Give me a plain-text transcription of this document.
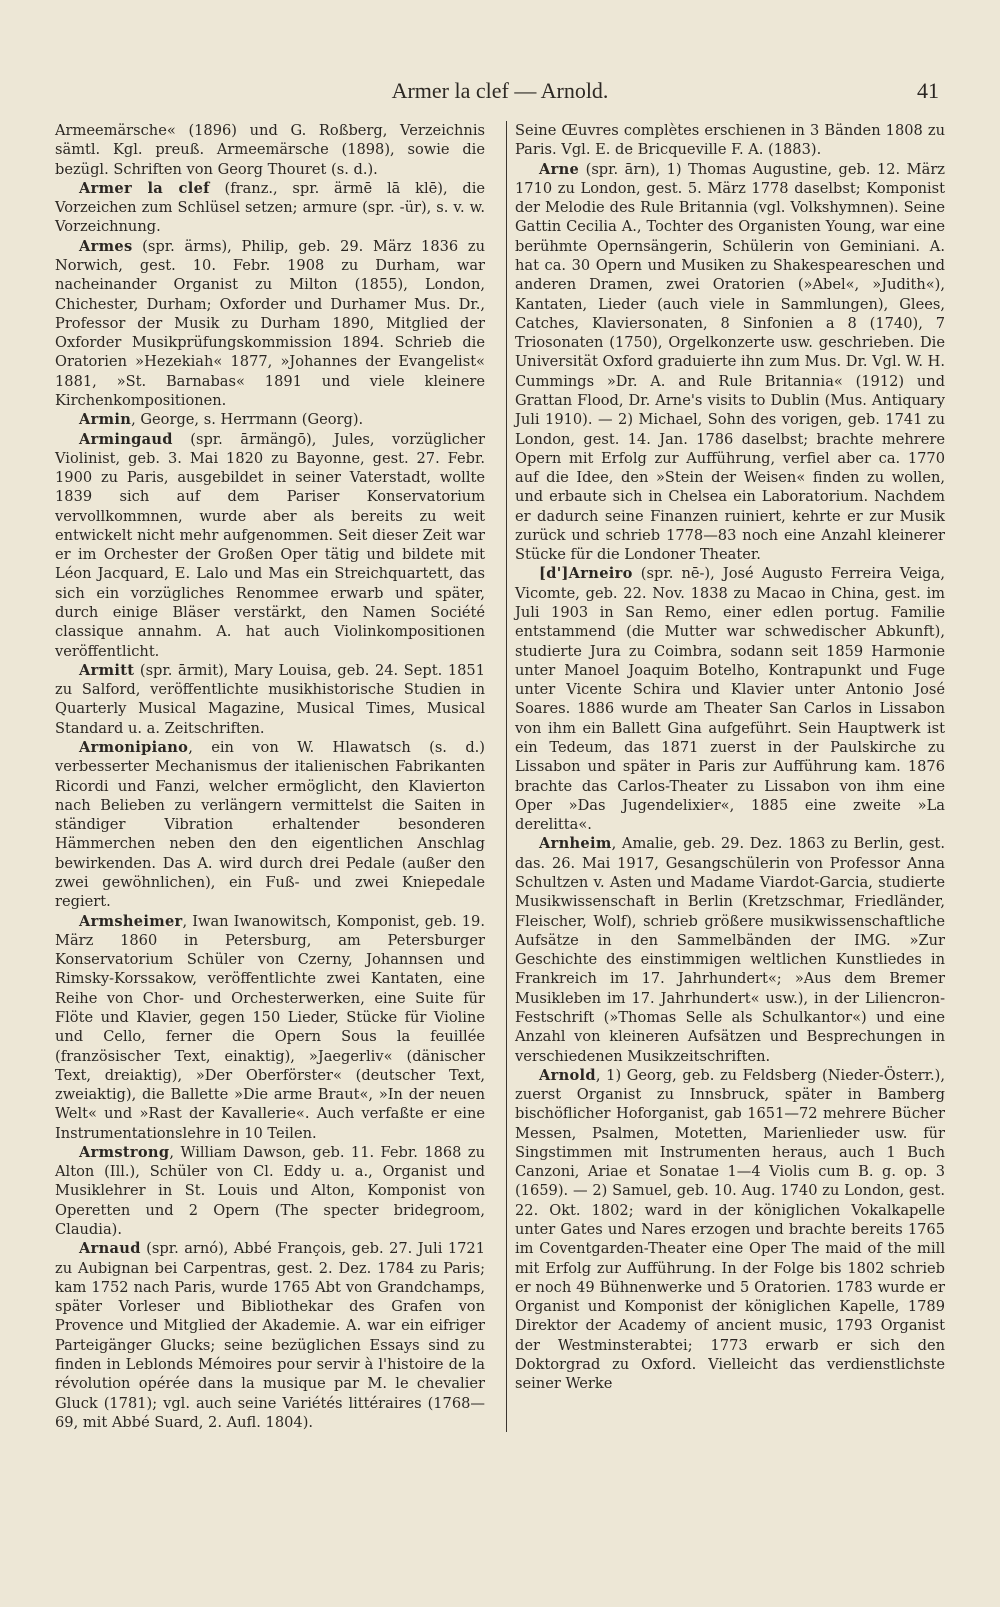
Armer la clef — Arnold.	41

Armeemärsche« (1896) und G. Roßberg, Verzeichnis sämtl. Kgl. preuß. Armeemärsche (1898), sowie die bezügl. Schriften von Georg Thouret (s. d.).

Armer la clef (franz., spr. ärmē lā klē), die Vorzeichen zum Schlüsel setzen; armure (spr. -ür), s. v. w. Vorzeichnung.

Armes (spr. ärms), Philip, geb. 29. März 1836 zu Norwich, gest. 10. Febr. 1908 zu Durham, war nacheinander Organist zu Milton (1855), London, Chichester, Durham; Oxforder und Durhamer Mus. Dr., Professor der Musik zu Durham 1890, Mitglied der Oxforder Musikprüfungskommission 1894. Schrieb die Oratorien »Hezekiah« 1877, »Johannes der Evangelist« 1881, »St. Barnabas« 1891 und viele kleinere Kirchenkompositionen.

Armin, George, s. Herrmann (Georg).

Armingaud (spr. ārmängō), Jules, vorzüglicher Violinist, geb. 3. Mai 1820 zu Bayonne, gest. 27. Febr. 1900 zu Paris, ausgebildet in seiner Vaterstadt, wollte 1839 sich auf dem Pariser Konservatorium vervollkommnen, wurde aber als bereits zu weit entwickelt nicht mehr aufgenommen. Seit dieser Zeit war er im Orchester der Großen Oper tätig und bildete mit Léon Jacquard, E. Lalo und Mas ein Streichquartett, das sich ein vorzügliches Renommee erwarb und später, durch einige Bläser verstärkt, den Namen Société classique annahm. A. hat auch Violinkompositionen veröffentlicht.

Armitt (spr. ārmit), Mary Louisa, geb. 24. Sept. 1851 zu Salford, veröffentlichte musikhistorische Studien in Quarterly Musical Magazine, Musical Times, Musical Standard u. a. Zeitschriften.

Armonipiano, ein von W. Hlawatsch (s. d.) verbesserter Mechanismus der italienischen Fabrikanten Ricordi und Fanzi, welcher ermöglicht, den Klavierton nach Belieben zu verlängern vermittelst die Saiten in ständiger Vibration erhaltender besonderen Hämmerchen neben den den eigentlichen Anschlag bewirkenden. Das A. wird durch drei Pedale (außer den zwei gewöhnlichen), ein Fuß- und zwei Kniepedale regiert.

Armsheimer, Iwan Iwanowitsch, Komponist, geb. 19. März 1860 in Petersburg, am Petersburger Konservatorium Schüler von Czerny, Johannsen und Rimsky-Korssakow, veröffentlichte zwei Kantaten, eine Reihe von Chor- und Orchesterwerken, eine Suite für Flöte und Klavier, gegen 150 Lieder, Stücke für Violine und Cello, ferner die Opern Sous la feuillée (französischer Text, einaktig), »Jaegerliv« (dänischer Text, dreiaktig), »Der Oberförster« (deutscher Text, zweiaktig), die Ballette »Die arme Braut«, »In der neuen Welt« und »Rast der Kavallerie«. Auch verfaßte er eine Instrumentationslehre in 10 Teilen.

Armstrong, William Dawson, geb. 11. Febr. 1868 zu Alton (Ill.), Schüler von Cl. Eddy u. a., Organist und Musiklehrer in St. Louis und Alton, Komponist von Operetten und 2 Opern (The specter bridegroom, Claudia).

Arnaud (spr. arnó), Abbé François, geb. 27. Juli 1721 zu Aubignan bei Carpentras, gest. 2. Dez. 1784 zu Paris; kam 1752 nach Paris, wurde 1765 Abt von Grandchamps, später Vorleser und Bibliothekar des Grafen von Provence und Mitglied der Akademie. A. war ein eifriger Parteigänger Glucks; seine bezüglichen Essays sind zu finden in Leblonds Mémoires pour servir à l'histoire de la révolution opérée dans la musique par M. le chevalier Gluck (1781); vgl. auch seine Variétés littéraires (1768—69, mit Abbé Suard, 2. Aufl. 1804).

Seine Œuvres complètes erschienen in 3 Bänden 1808 zu Paris. Vgl. E. de Bricqueville F. A. (1883).

Arne (spr. ārn), 1) Thomas Augustine, geb. 12. März 1710 zu London, gest. 5. März 1778 daselbst; Komponist der Melodie des Rule Britannia (vgl. Volkshymnen). Seine Gattin Cecilia A., Tochter des Organisten Young, war eine berühmte Opernsängerin, Schülerin von Geminiani. A. hat ca. 30 Opern und Musiken zu Shakespeareschen und anderen Dramen, zwei Oratorien (»Abel«, »Judith«), Kantaten, Lieder (auch viele in Sammlungen), Glees, Catches, Klaviersonaten, 8 Sinfonien a 8 (1740), 7 Triosonaten (1750), Orgelkonzerte usw. geschrieben. Die Universität Oxford graduierte ihn zum Mus. Dr. Vgl. W. H. Cummings »Dr. A. and Rule Britannia« (1912) und Grattan Flood, Dr. Arne's visits to Dublin (Mus. Antiquary Juli 1910). — 2) Michael, Sohn des vorigen, geb. 1741 zu London, gest. 14. Jan. 1786 daselbst; brachte mehrere Opern mit Erfolg zur Aufführung, verfiel aber ca. 1770 auf die Idee, den »Stein der Weisen« finden zu wollen, und erbaute sich in Chelsea ein Laboratorium. Nachdem er dadurch seine Finanzen ruiniert, kehrte er zur Musik zurück und schrieb 1778—83 noch eine Anzahl kleinerer Stücke für die Londoner Theater.

[d']Arneiro (spr. nē-), José Augusto Ferreira Veiga, Vicomte, geb. 22. Nov. 1838 zu Macao in China, gest. im Juli 1903 in San Remo, einer edlen portug. Familie entstammend (die Mutter war schwedischer Abkunft), studierte Jura zu Coimbra, sodann seit 1859 Harmonie unter Manoel Joaquim Botelho, Kontrapunkt und Fuge unter Vicente Schira und Klavier unter Antonio José Soares. 1886 wurde am Theater San Carlos in Lissabon von ihm ein Ballett Gina aufgeführt. Sein Hauptwerk ist ein Tedeum, das 1871 zuerst in der Paulskirche zu Lissabon und später in Paris zur Aufführung kam. 1876 brachte das Carlos-Theater zu Lissabon von ihm eine Oper »Das Jugendelixier«, 1885 eine zweite »La derelitta«.

Arnheim, Amalie, geb. 29. Dez. 1863 zu Berlin, gest. das. 26. Mai 1917, Gesangschülerin von Professor Anna Schultzen v. Asten und Madame Viardot-Garcia, studierte Musikwissenschaft in Berlin (Kretzschmar, Friedländer, Fleischer, Wolf), schrieb größere musikwissenschaftliche Aufsätze in den Sammelbänden der IMG. »Zur Geschichte des einstimmigen weltlichen Kunstliedes in Frankreich im 17. Jahrhundert«; »Aus dem Bremer Musikleben im 17. Jahrhundert« usw.), in der Liliencron-Festschrift (»Thomas Selle als Schulkantor«) und eine Anzahl von kleineren Aufsätzen und Besprechungen in verschiedenen Musikzeitschriften.

Arnold, 1) Georg, geb. zu Feldsberg (Nieder-Österr.), zuerst Organist zu Innsbruck, später in Bamberg bischöflicher Hoforganist, gab 1651—72 mehrere Bücher Messen, Psalmen, Motetten, Marienlieder usw. für Singstimmen mit Instrumenten heraus, auch 1 Buch Canzoni, Ariae et Sonatae 1—4 Violis cum B. g. op. 3 (1659). — 2) Samuel, geb. 10. Aug. 1740 zu London, gest. 22. Okt. 1802; ward in der königlichen Vokalkapelle unter Gates und Nares erzogen und brachte bereits 1765 im Coventgarden-Theater eine Oper The maid of the mill mit Erfolg zur Aufführung. In der Folge bis 1802 schrieb er noch 49 Bühnenwerke und 5 Oratorien. 1783 wurde er Organist und Komponist der königlichen Kapelle, 1789 Direktor der Academy of ancient music, 1793 Organist der Westminsterabtei; 1773 erwarb er sich den Doktorgrad zu Oxford. Vielleicht das verdienstlichste seiner Werke
